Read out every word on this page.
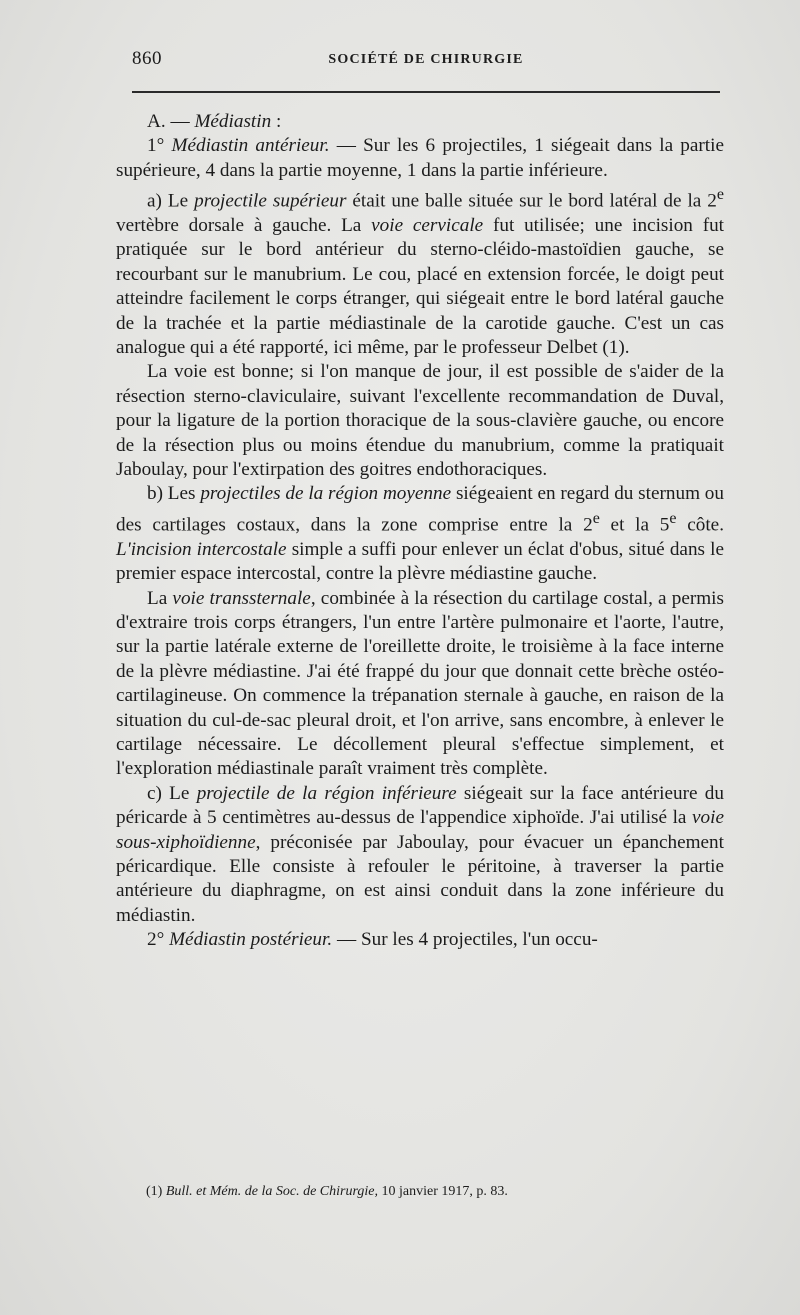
860	SOCIÉTÉ DE CHIRURGIE

A. — Médiastin :

1° Médiastin antérieur. — Sur les 6 projectiles, 1 siégeait dans la partie supérieure, 4 dans la partie moyenne, 1 dans la partie inférieure.

a) Le projectile supérieur était une balle située sur le bord latéral de la 2e vertèbre dorsale à gauche. La voie cervicale fut utilisée; une incision fut pratiquée sur le bord antérieur du sterno-cléido-mastoïdien gauche, se recourbant sur le manubrium. Le cou, placé en extension forcée, le doigt peut atteindre facilement le corps étranger, qui siégeait entre le bord latéral gauche de la trachée et la partie médiastinale de la carotide gauche. C'est un cas analogue qui a été rapporté, ici même, par le professeur Delbet (1).

La voie est bonne; si l'on manque de jour, il est possible de s'aider de la résection sterno-claviculaire, suivant l'excellente recommandation de Duval, pour la ligature de la portion thoracique de la sous-clavière gauche, ou encore de la résection plus ou moins étendue du manubrium, comme la pratiquait Jaboulay, pour l'extirpation des goitres endothoraciques.

b) Les projectiles de la région moyenne siégeaient en regard du sternum ou des cartilages costaux, dans la zone comprise entre la 2e et la 5e côte. L'incision intercostale simple a suffi pour enlever un éclat d'obus, situé dans le premier espace intercostal, contre la plèvre médiastine gauche.

La voie transsternale, combinée à la résection du cartilage costal, a permis d'extraire trois corps étrangers, l'un entre l'artère pulmonaire et l'aorte, l'autre, sur la partie latérale externe de l'oreillette droite, le troisième à la face interne de la plèvre médiastine. J'ai été frappé du jour que donnait cette brèche ostéo-cartilagineuse. On commence la trépanation sternale à gauche, en raison de la situation du cul-de-sac pleural droit, et l'on arrive, sans encombre, à enlever le cartilage nécessaire. Le décollement pleural s'effectue simplement, et l'exploration médiastinale paraît vraiment très complète.

c) Le projectile de la région inférieure siégeait sur la face antérieure du péricarde à 5 centimètres au-dessus de l'appendice xiphoïde. J'ai utilisé la voie sous-xiphoïdienne, préconisée par Jaboulay, pour évacuer un épanchement péricardique. Elle consiste à refouler le péritoine, à traverser la partie antérieure du diaphragme, on est ainsi conduit dans la zone inférieure du médiastin.

2° Médiastin postérieur. — Sur les 4 projectiles, l'un occu-

(1) Bull. et Mém. de la Soc. de Chirurgie, 10 janvier 1917, p. 83.
